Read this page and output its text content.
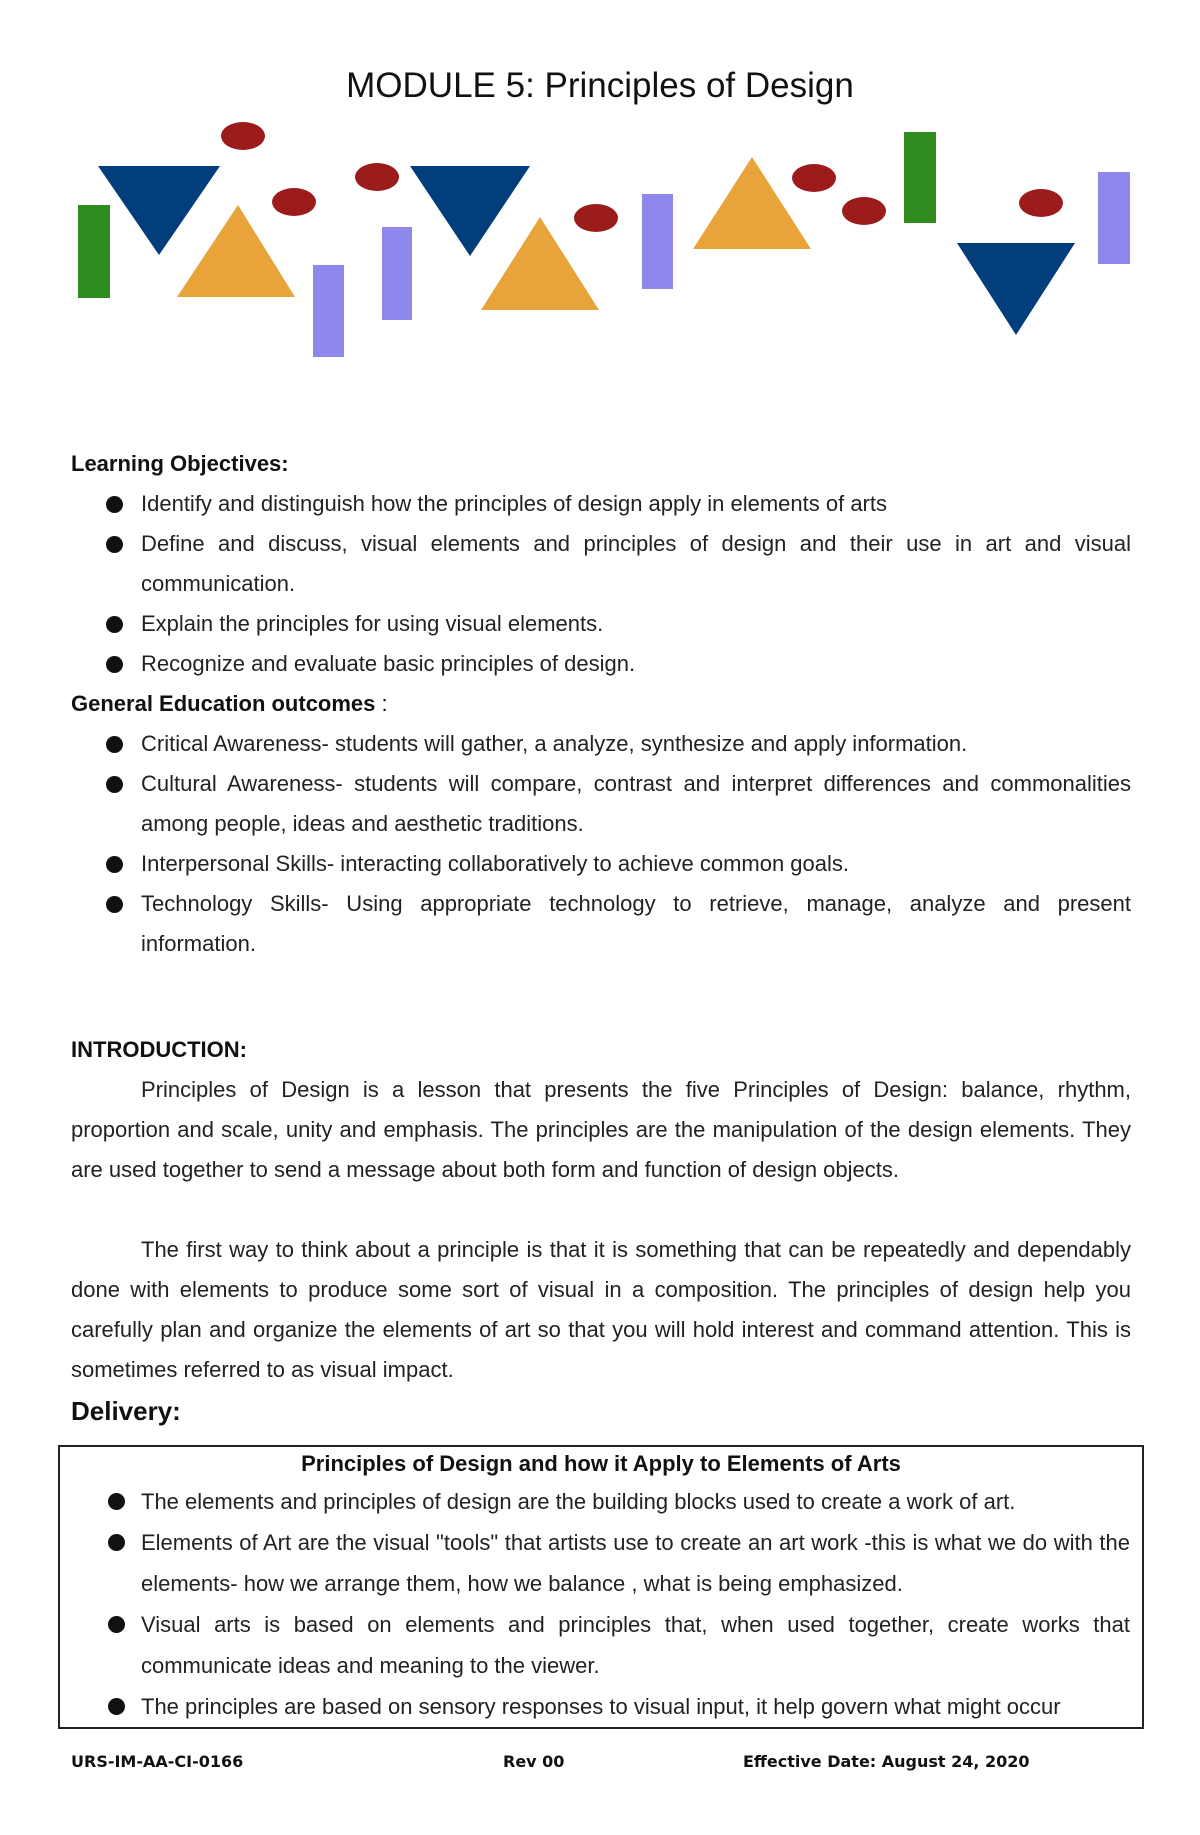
MODULE 5: Principles of Design
Learning Objectives:
Identify and distinguish how the principles of design apply in elements of arts
Define and discuss, visual elements and principles of design and their use in art and visual communication.
Explain the principles for using visual elements.
Recognize and evaluate basic principles of design.
General Education outcomes :
Critical Awareness- students will gather, a analyze, synthesize and apply information.
Cultural Awareness- students will compare, contrast and interpret differences and commonalities among people, ideas and aesthetic traditions.
Interpersonal Skills- interacting collaboratively to achieve common goals.
Technology Skills- Using appropriate technology to retrieve, manage, analyze and present information.
INTRODUCTION:

Principles of Design is a lesson that presents the five Principles of Design: balance, rhythm, proportion and scale, unity and emphasis. The principles are the manipulation of the design elements. They are used together to send a message about both form and function of design objects.

The first way to think about a principle is that it is something that can be repeatedly and dependably done with elements to produce some sort of visual in a composition. The principles of design help you carefully plan and organize the elements of art so that you will hold interest and command attention. This is sometimes referred to as visual impact.

Delivery:
Principles of Design and how it Apply to Elements of Arts
The elements and principles of design are the building blocks used to create a work of art.
Elements of Art are the visual "tools" that artists use to create an art work -this is what we do with the elements- how we arrange them, how we balance , what is being emphasized.
Visual arts is based on elements and principles that, when used together, create works that communicate ideas and meaning to the viewer.
The principles are based on sensory responses to visual input, it help govern what might occur
URS-IM-AA-CI-0166	Rev 00	Effective Date: August 24, 2020
